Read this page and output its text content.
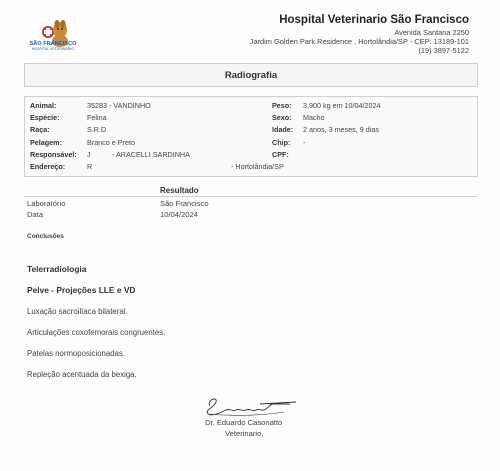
SÃO FRANCISCO
HOSPITAL VETERINÁRIO
Hospital Veterinario São Francisco
Avenida Santana 2250
Jardim Golden Park Residence , Hortolândia/SP - CEP: 13189-101
(19) 3897-5122
Radiografia
Animal:	35283 - VANDINHO
Espécie:	Felina
Raça:	S.R.D
Pelagem:	Branco e Preto
Responsável: J	- ARACELLI SARDINHA
Endereço:	R	- Hortolândia/SP
Peso: 3,900 kg em 10/04/2024
Sexo: Macho
Idade: 2 anos, 3 meses, 9 dias
Chip: -
CPF:
Resultado
Laboratório	São Francisco
Data	10/04/2024
Conclusões
Telerradiologia
Pelve - Projeções LLE e VD
Luxação sacroilíaca bilateral.
Articulações coxofemorais congruentes.
Patelas normoposicionadas.
Repleção acentuada da bexiga.
Dr. Eduardo Casonatto
Veterinario,
